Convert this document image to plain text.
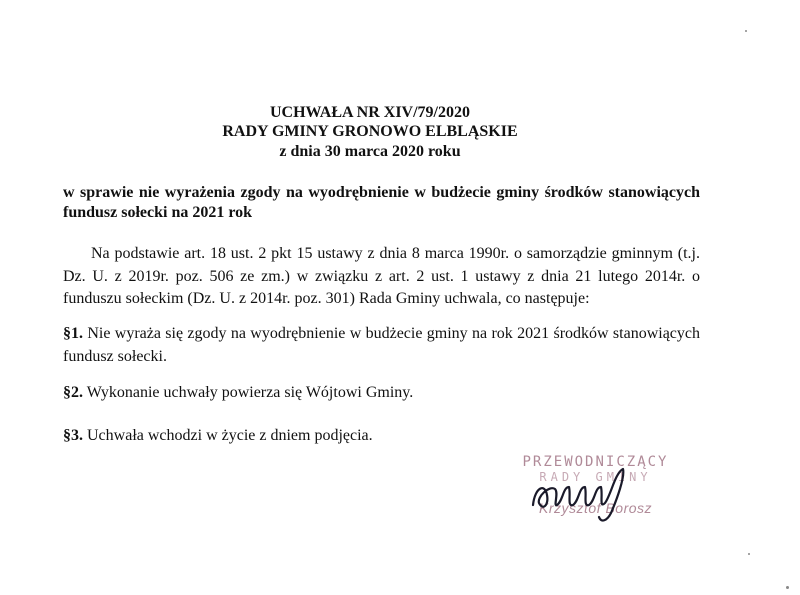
UCHWAŁA NR XIV/79/2020
RADY GMINY GRONOWO ELBLĄSKIE
z dnia 30 marca 2020 roku
w sprawie nie wyrażenia zgody na wyodrębnienie w budżecie gminy środków stanowiących fundusz sołecki na 2021 rok
Na podstawie art. 18 ust. 2 pkt 15 ustawy z dnia 8 marca 1990r. o samorządzie gminnym (t.j. Dz. U. z 2019r. poz. 506 ze zm.) w związku z art. 2 ust. 1 ustawy z dnia 21 lutego 2014r. o funduszu sołeckim (Dz. U. z 2014r. poz. 301) Rada Gminy uchwala, co następuje:
§1. Nie wyraża się zgody na wyodrębnienie w budżecie gminy na rok 2021 środków stanowiących fundusz sołecki.
§2. Wykonanie uchwały powierza się Wójtowi Gminy.
§3. Uchwała wchodzi w życie z dniem podjęcia.
PRZEWODNICZĄCY
RADY GMINY
Krzysztof Borosz
